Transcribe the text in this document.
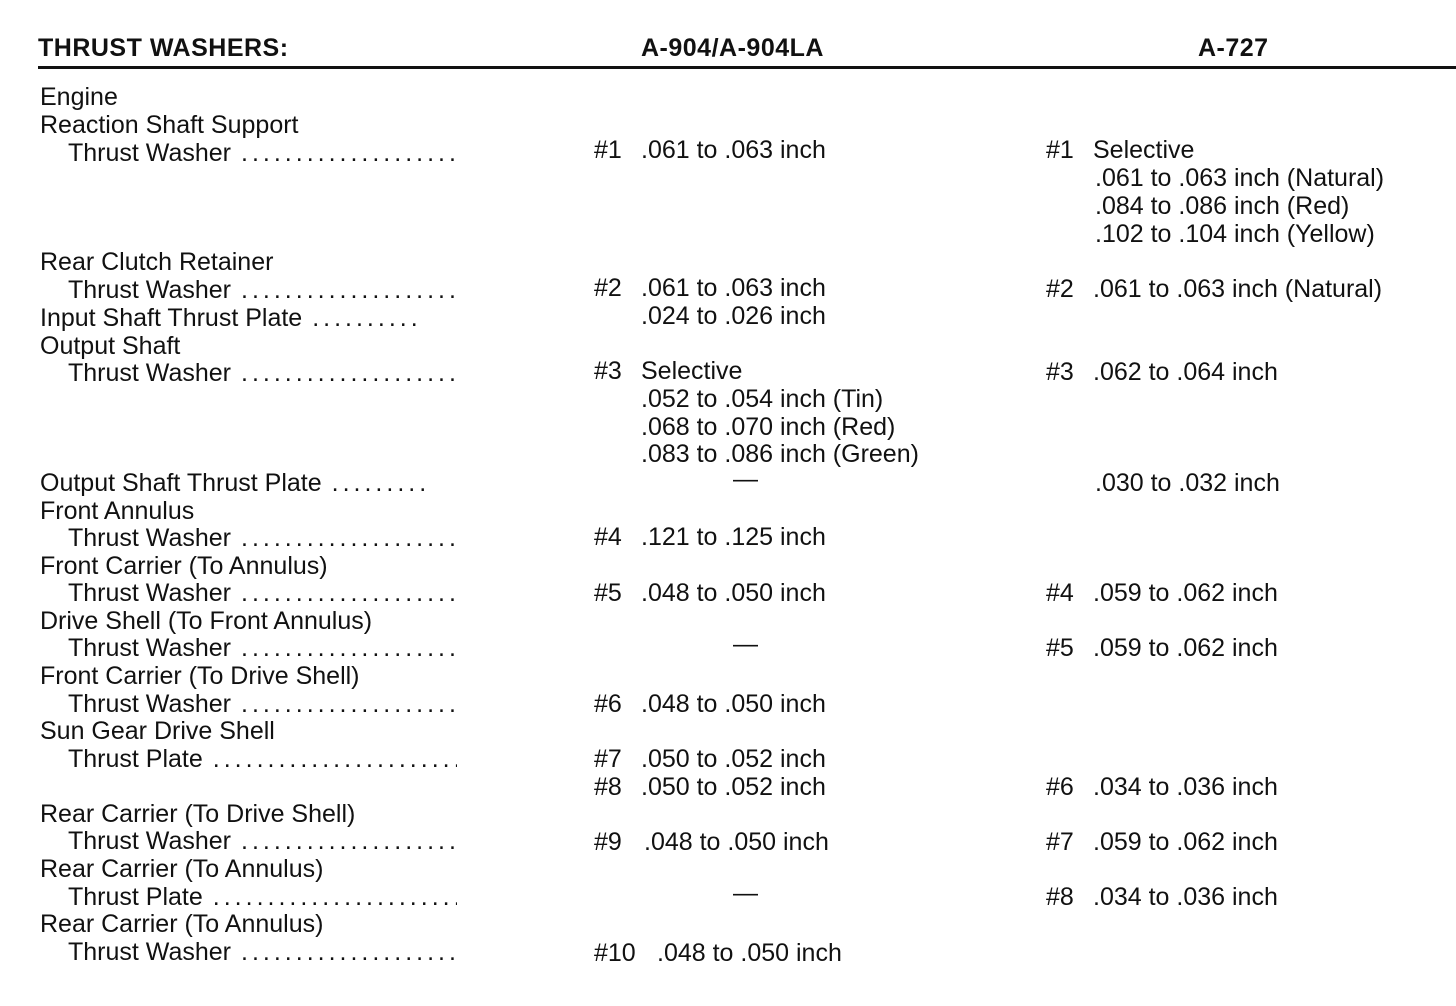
THRUST WASHERS:	A-904/A-904LA	A-727
Engine
Reaction Shaft Support
Thrust Washer.....
Rear Clutch Retainer
Thrust Washer.....
Input Shaft Thrust Plate.....
Output Shaft
Thrust Washer.....
Output Shaft Thrust Plate.....
Front Annulus
Thrust Washer.....
Front Carrier (To Annulus)
Thrust Washer.....
Drive Shell (To Front Annulus)
Thrust Washer.....
Front Carrier (To Drive Shell)
Thrust Washer.....
Sun Gear Drive Shell
Thrust Plate.....
Rear Carrier (To Drive Shell)
Thrust Washer.....
Rear Carrier (To Annulus)
Thrust Plate.....
Rear Carrier (To Annulus)
Thrust Washer.....
#1 .061 to .063 inch
#2 .061 to .063 inch
.024 to .026 inch
#3 Selective
.052 to .054 inch (Tin)
.068 to .070 inch (Red)
.083 to .086 inch (Green)
—
#4 .121 to .125 inch
#5 .048 to .050 inch
—
#6 .048 to .050 inch
#7 .050 to .052 inch
#8 .050 to .052 inch
#9 .048 to .050 inch
—
#10 .048 to .050 inch
#1 Selective
.061 to .063 inch (Natural)
.084 to .086 inch (Red)
.102 to .104 inch (Yellow)
#2 .061 to .063 inch (Natural)
#3 .062 to .064 inch
.030 to .032 inch
#4 .059 to .062 inch
#5 .059 to .062 inch
#6 .034 to .036 inch
#7 .059 to .062 inch
#8 .034 to .036 inch
